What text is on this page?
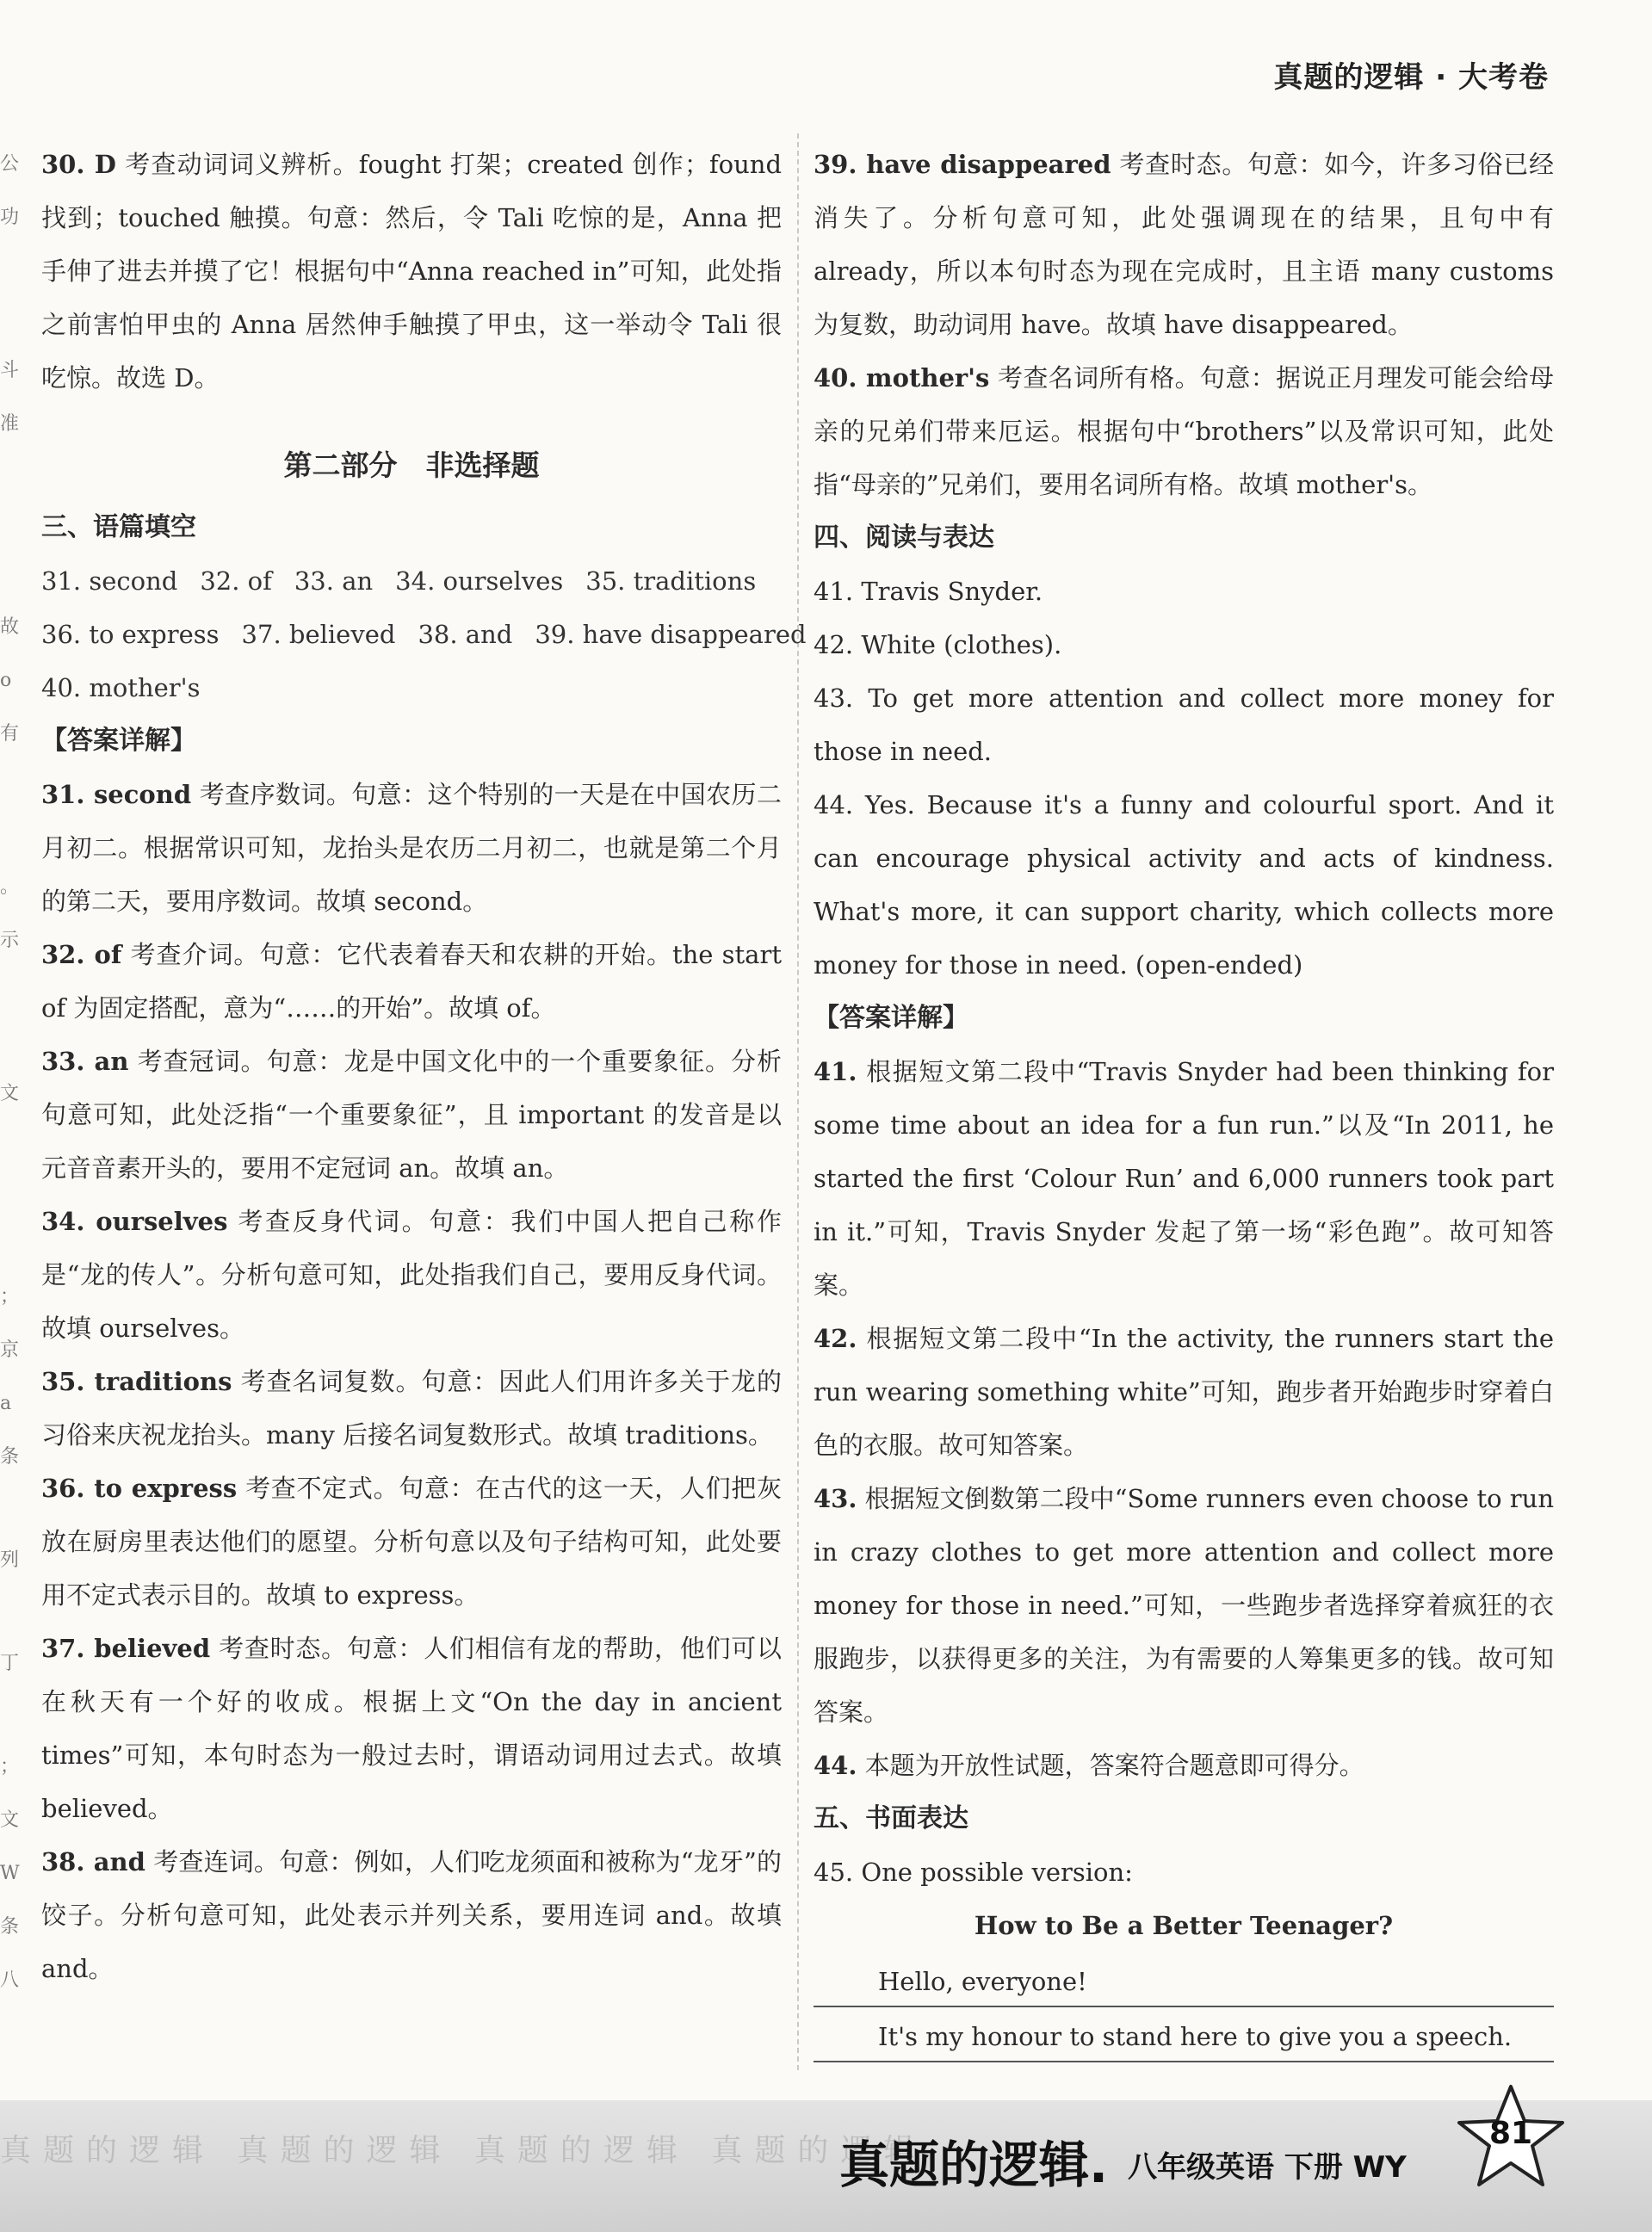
真题的逻辑 · 大考卷
公
功
斗
准
故
o
有
。
示
文
；
京
a
条
列
丁
；
文
W
条
八

30. D 考查动词词义辨析。fought 打架；created 创作；found 找到；touched 触摸。句意：然后，令 Tali 吃惊的是，Anna 把手伸了进去并摸了它！根据句中“Anna reached in”可知，此处指之前害怕甲虫的 Anna 居然伸手触摸了甲虫，这一举动令 Tali 很吃惊。故选 D。

第二部分　非选择题
三、语篇填空
31. second 32. of 33. an 34. ourselves 35. traditions
36. to express 37. believed 38. and 39. have disappeared
40. mother's
【答案详解】

31. second 考查序数词。句意：这个特别的一天是在中国农历二月初二。根据常识可知，龙抬头是农历二月初二，也就是第二个月的第二天，要用序数词。故填 second。

32. of 考查介词。句意：它代表着春天和农耕的开始。the start of 为固定搭配，意为“……的开始”。故填 of。

33. an 考查冠词。句意：龙是中国文化中的一个重要象征。分析句意可知，此处泛指“一个重要象征”，且 important 的发音是以元音音素开头的，要用不定冠词 an。故填 an。

34. ourselves 考查反身代词。句意：我们中国人把自己称作是“龙的传人”。分析句意可知，此处指我们自己，要用反身代词。故填 ourselves。

35. traditions 考查名词复数。句意：因此人们用许多关于龙的习俗来庆祝龙抬头。many 后接名词复数形式。故填 traditions。

36. to express 考查不定式。句意：在古代的这一天，人们把灰放在厨房里表达他们的愿望。分析句意以及句子结构可知，此处要用不定式表示目的。故填 to express。

37. believed 考查时态。句意：人们相信有龙的帮助，他们可以在秋天有一个好的收成。根据上文“On the day in ancient times”可知，本句时态为一般过去时，谓语动词用过去式。故填 believed。

38. and 考查连词。句意：例如，人们吃龙须面和被称为“龙牙”的饺子。分析句意可知，此处表示并列关系，要用连词 and。故填 and。

39. have disappeared 考查时态。句意：如今，许多习俗已经消失了。分析句意可知，此处强调现在的结果，且句中有 already，所以本句时态为现在完成时，且主语 many customs 为复数，助动词用 have。故填 have disappeared。

40. mother's 考查名词所有格。句意：据说正月理发可能会给母亲的兄弟们带来厄运。根据句中“brothers”以及常识可知，此处指“母亲的”兄弟们，要用名词所有格。故填 mother's。

四、阅读与表达

41. Travis Snyder.

42. White (clothes).

43. To get more attention and collect more money for those in need.

44. Yes. Because it's a funny and colourful sport. And it can encourage physical activity and acts of kindness. What's more, it can support charity, which collects more money for those in need. (open-ended)

【答案详解】

41. 根据短文第二段中“Travis Snyder had been thinking for some time about an idea for a fun run.”以及“In 2011, he started the first ‘Colour Run’ and 6,000 runners took part in it.”可知，Travis Snyder 发起了第一场“彩色跑”。故可知答案。

42. 根据短文第二段中“In the activity, the runners start the run wearing something white”可知，跑步者开始跑步时穿着白色的衣服。故可知答案。

43. 根据短文倒数第二段中“Some runners even choose to run in crazy clothes to get more attention and collect more money for those in need.”可知，一些跑步者选择穿着疯狂的衣服跑步，以获得更多的关注，为有需要的人筹集更多的钱。故可知答案。

44. 本题为开放性试题，答案符合题意即可得分。

五、书面表达

45. One possible version:

How to Be a Better Teenager?

Hello, everyone!
It's my honour to stand here to give you a speech.
真题的逻辑 真题的逻辑 真题的逻辑 真题的逻辑
真题的逻辑. 八年级英语 下册 WY
81
